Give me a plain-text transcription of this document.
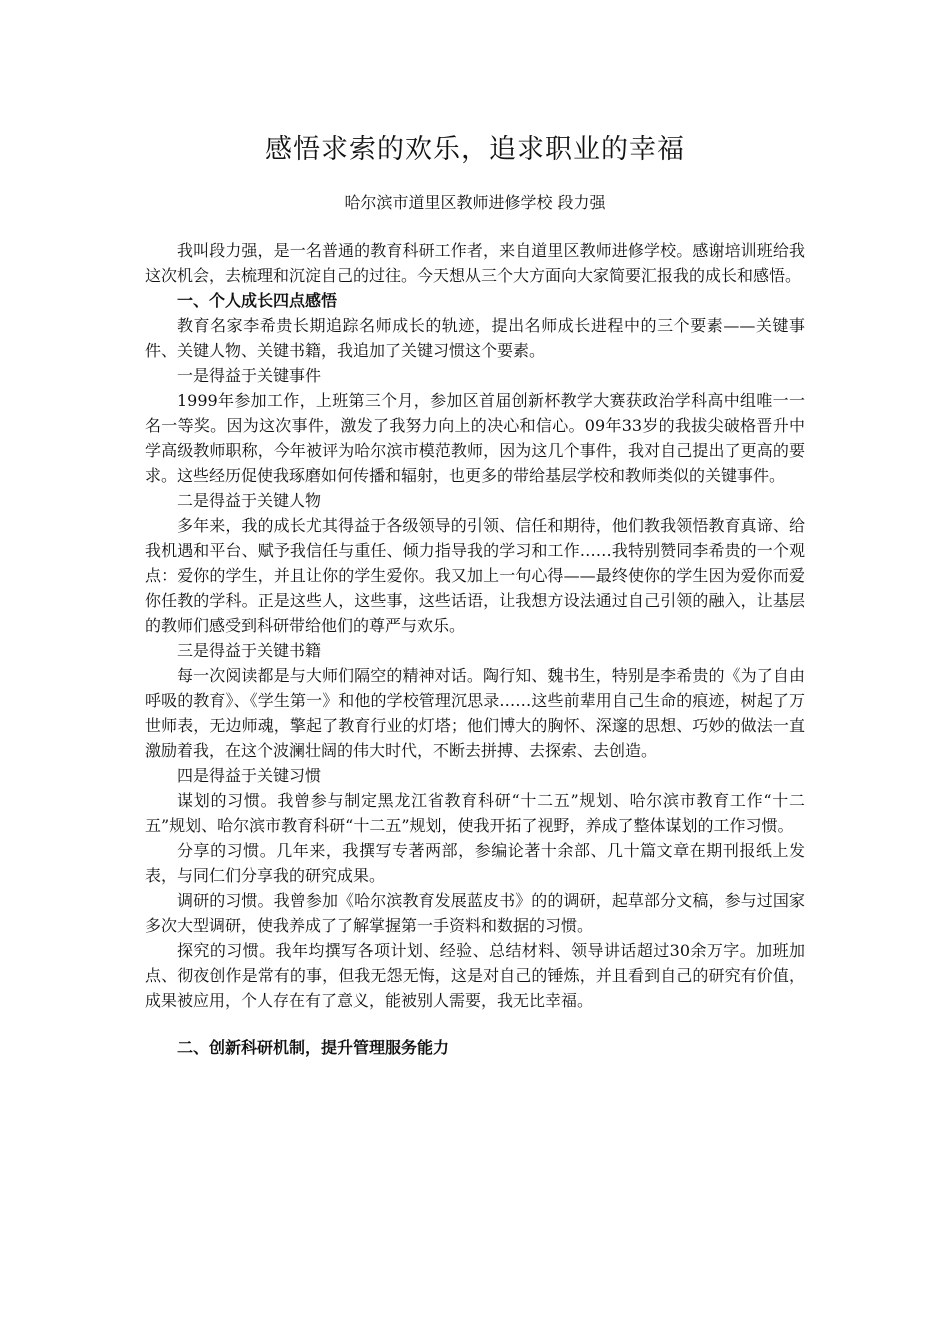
感悟求索的欢乐，追求职业的幸福

哈尔滨市道里区教师进修学校 段力强

我叫段力强，是一名普通的教育科研工作者，来自道里区教师进修学校。感谢培训班给我这次机会，去梳理和沉淀自己的过往。今天想从三个大方面向大家简要汇报我的成长和感悟。

一、个人成长四点感悟

教育名家李希贵长期追踪名师成长的轨迹，提出名师成长进程中的三个要素——关键事件、关键人物、关键书籍，我追加了关键习惯这个要素。

一是得益于关键事件

1999年参加工作，上班第三个月，参加区首届创新杯教学大赛获政治学科高中组唯一一名一等奖。因为这次事件，激发了我努力向上的决心和信心。09年33岁的我拔尖破格晋升中学高级教师职称，今年被评为哈尔滨市模范教师，因为这几个事件，我对自己提出了更高的要求。这些经历促使我琢磨如何传播和辐射，也更多的带给基层学校和教师类似的关键事件。

二是得益于关键人物

多年来，我的成长尤其得益于各级领导的引领、信任和期待，他们教我领悟教育真谛、给我机遇和平台、赋予我信任与重任、倾力指导我的学习和工作……我特别赞同李希贵的一个观点：爱你的学生，并且让你的学生爱你。我又加上一句心得——最终使你的学生因为爱你而爱你任教的学科。正是这些人，这些事，这些话语，让我想方设法通过自己引领的融入，让基层的教师们感受到科研带给他们的尊严与欢乐。

三是得益于关键书籍

每一次阅读都是与大师们隔空的精神对话。陶行知、魏书生，特别是李希贵的《为了自由呼吸的教育》、《学生第一》和他的学校管理沉思录……这些前辈用自己生命的痕迹，树起了万世师表，无边师魂，擎起了教育行业的灯塔；他们博大的胸怀、深邃的思想、巧妙的做法一直激励着我，在这个波澜壮阔的伟大时代，不断去拼搏、去探索、去创造。

四是得益于关键习惯

谋划的习惯。我曾参与制定黑龙江省教育科研“十二五”规划、哈尔滨市教育工作“十二五”规划、哈尔滨市教育科研“十二五”规划，使我开拓了视野，养成了整体谋划的工作习惯。

分享的习惯。几年来，我撰写专著两部，参编论著十余部、几十篇文章在期刊报纸上发表，与同仁们分享我的研究成果。

调研的习惯。我曾参加《哈尔滨教育发展蓝皮书》的的调研，起草部分文稿，参与过国家多次大型调研，使我养成了了解掌握第一手资料和数据的习惯。

探究的习惯。我年均撰写各项计划、经验、总结材料、领导讲话超过30余万字。加班加点、彻夜创作是常有的事，但我无怨无悔，这是对自己的锤炼，并且看到自己的研究有价值，成果被应用，个人存在有了意义，能被别人需要，我无比幸福。

二、创新科研机制，提升管理服务能力
